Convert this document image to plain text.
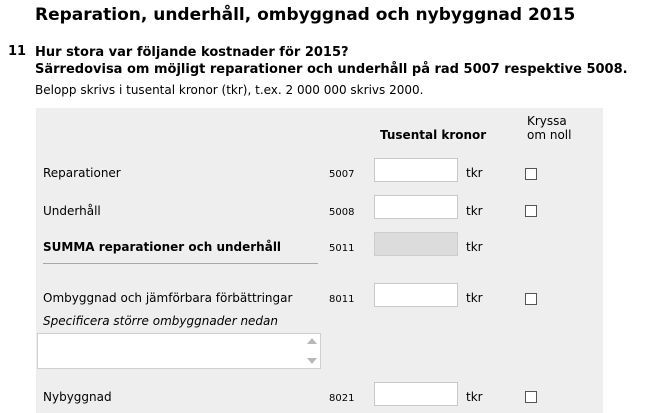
Reparation, underhåll, ombyggnad och nybyggnad 2015
11 Hur stora var följande kostnader för 2015?
Särredovisa om möjligt reparationer och underhåll på rad 5007 respektive 5008.
Belopp skrivs i tusental kronor (tkr), t.ex. 2 000 000 skrivs 2000.
Tusental kronor
Kryssa
om noll
Reparationer	5007	tkr
Underhåll	5008	tkr
SUMMA reparationer och underhåll	5011	tkr
Ombyggnad och jämförbara förbättringar	8011	tkr
Specificera större ombyggnader nedan
Nybyggnad	8021	tkr
